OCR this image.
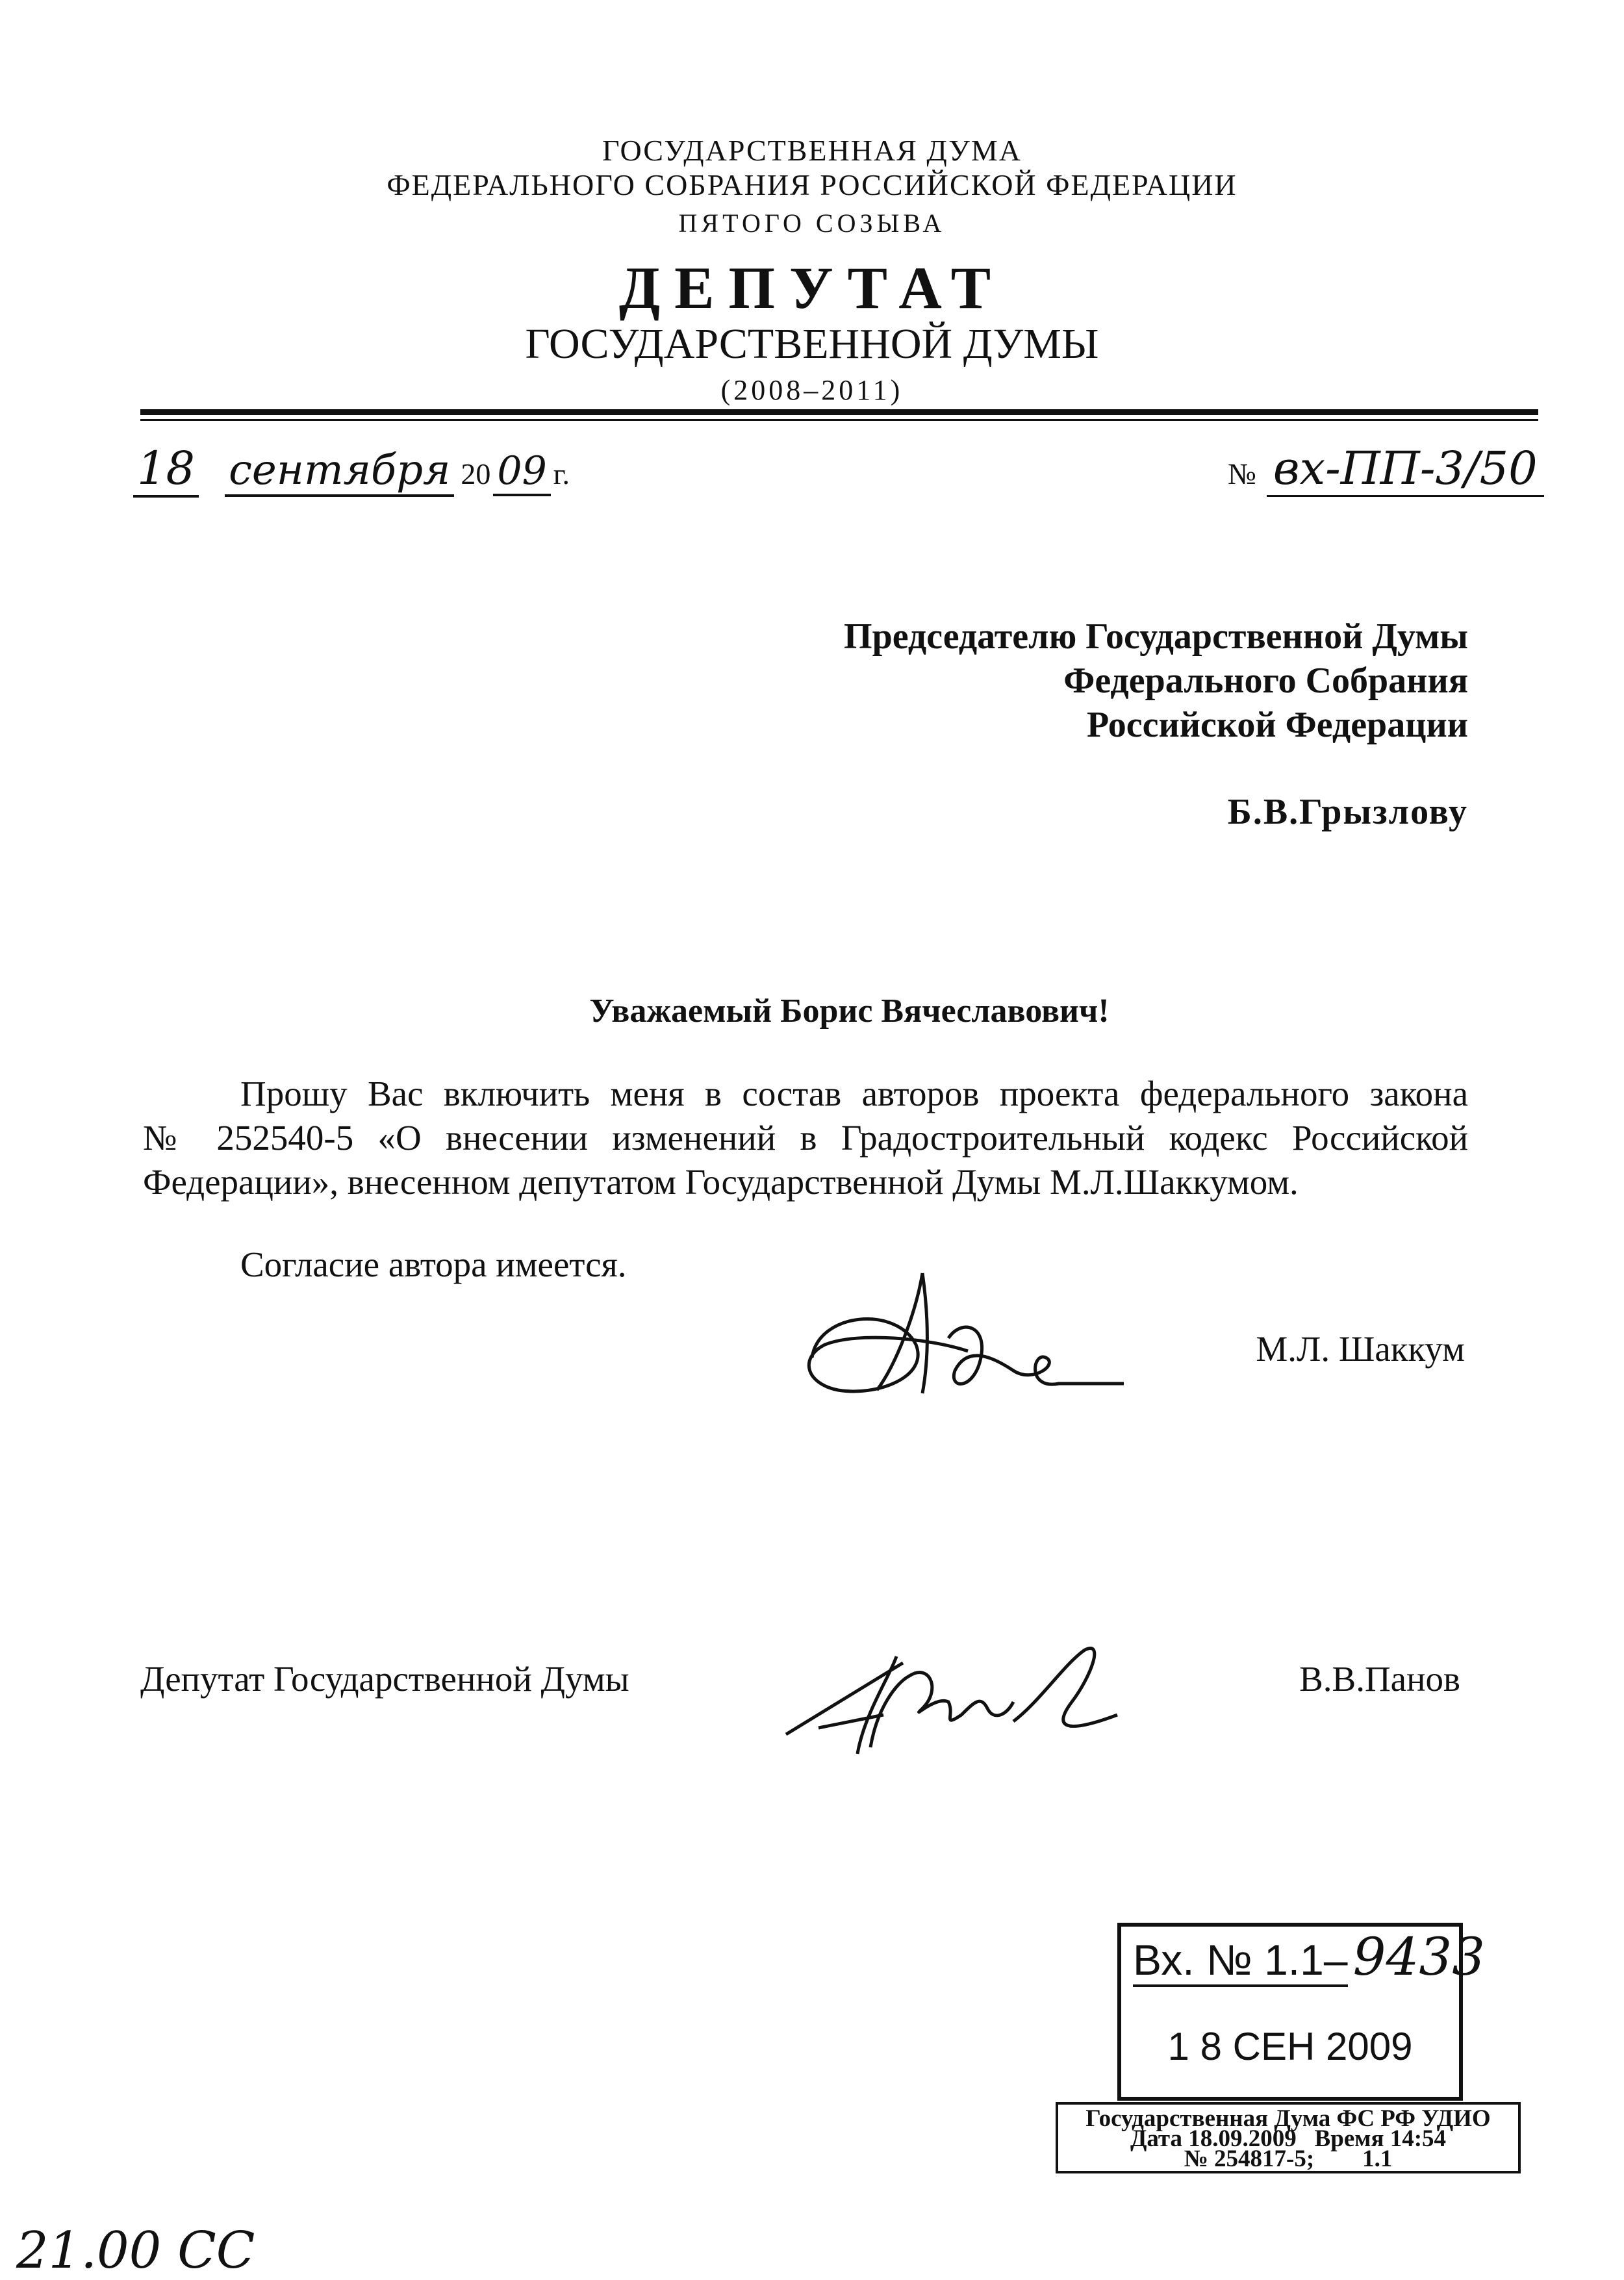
ГОСУДАРСТВЕННАЯ ДУМА
ФЕДЕРАЛЬНОГО СОБРАНИЯ РОССИЙСКОЙ ФЕДЕРАЦИИ
ПЯТОГО СОЗЫВА
ДЕПУТАТ
ГОСУДАРСТВЕННОЙ ДУМЫ
(2008–2011)
18 сентября 20 09 г.	№ вх-ПП-3/50
Председателю Государственной Думы
Федерального Собрания
Российской Федерации
Б.В.Грызлову
Уважаемый Борис Вячеславович!
Прошу Вас включить меня в состав авторов проекта федерального закона
№ 252540-5 «О внесении изменений в Градостроительный кодекс Российской
Федерации», внесенном депутатом Государственной Думы М.Л.Шаккумом.
Согласие автора имеется.
М.Л. Шаккум
Депутат Государственной Думы	В.В.Панов
Вх. № 1.1– 9433
1 8 СЕН 2009
Государственная Дума ФС РФ УДИО
Дата 18.09.2009   Время 14:54
№ 254817-5;        1.1
21.00 СС
